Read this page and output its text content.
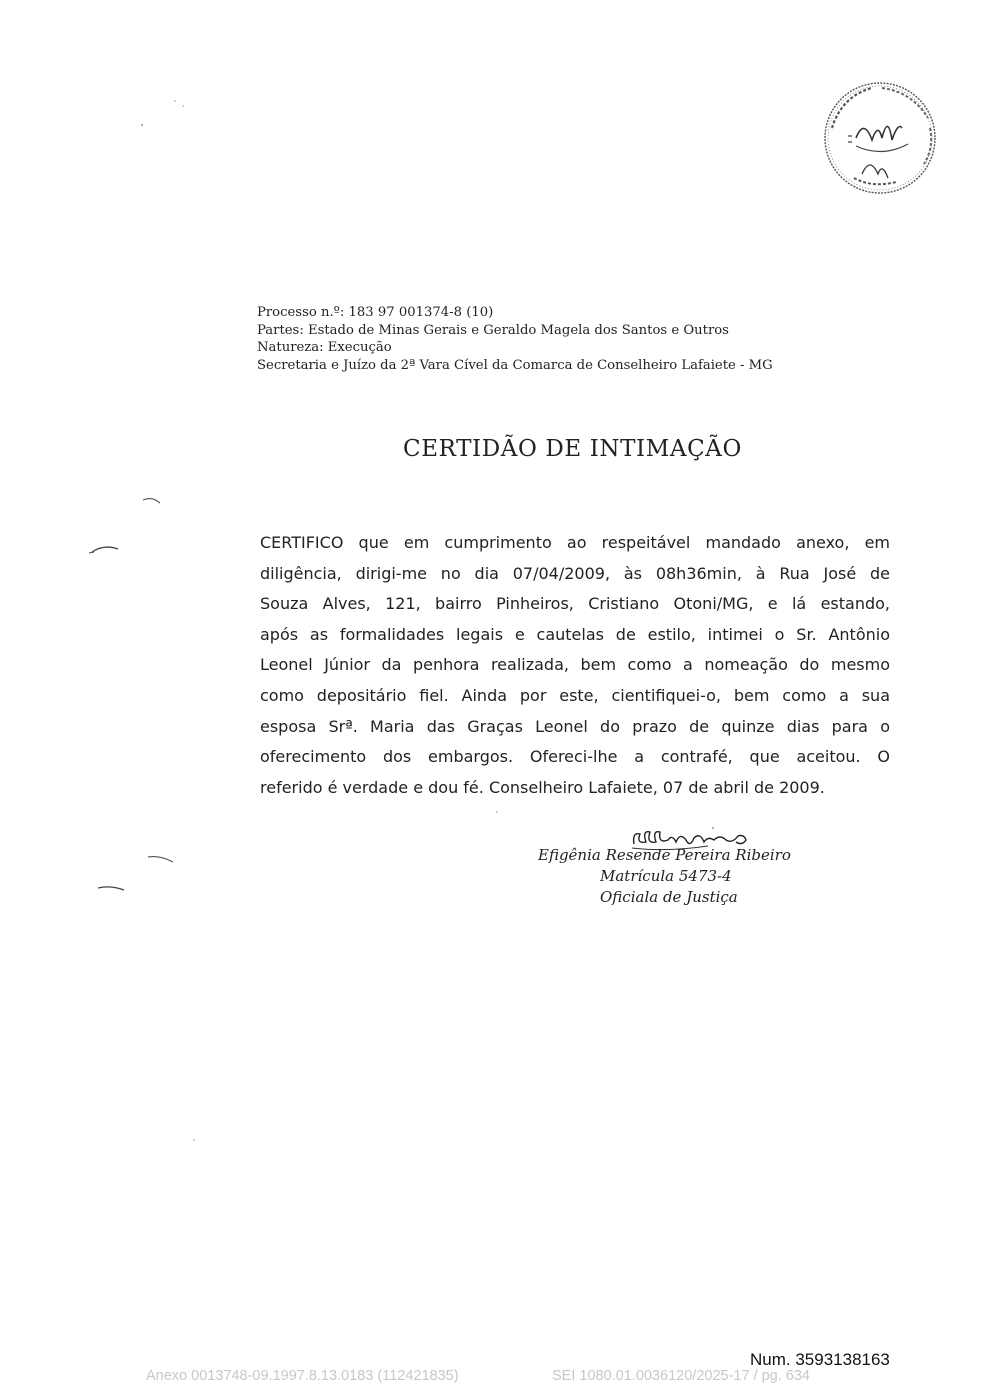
Processo n.º: 183 97 001374-8 (10)
Partes: Estado de Minas Gerais e Geraldo Magela dos Santos e Outros
Natureza: Execução
Secretaria e Juízo da 2ª Vara Cível da Comarca de Conselheiro Lafaiete - MG
CERTIDÃO DE INTIMAÇÃO
CERTIFICO que em cumprimento ao respeitável mandado anexo, em
diligência, dirigi-me no dia 07/04/2009, às 08h36min, à Rua José de
Souza Alves, 121, bairro Pinheiros, Cristiano Otoni/MG, e lá estando,
após as formalidades legais e cautelas de estilo, intimei o Sr. Antônio
Leonel Júnior da penhora realizada, bem como a nomeação do mesmo
como depositário fiel. Ainda por este, cientifiquei-o, bem como a sua
esposa Srª. Maria das Graças Leonel do prazo de quinze dias para o
oferecimento dos embargos. Ofereci-lhe a contrafé, que aceitou. O
referido é verdade e dou fé. Conselheiro Lafaiete, 07 de abril de 2009.
Efigênia Resende Pereira Ribeiro
Matrícula 5473-4
Oficiala de Justiça
Num. 3593138163
Anexo 0013748-09.1997.8.13.0183 (112421835)	SEI 1080.01.0036120/2025-17 / pg. 634
